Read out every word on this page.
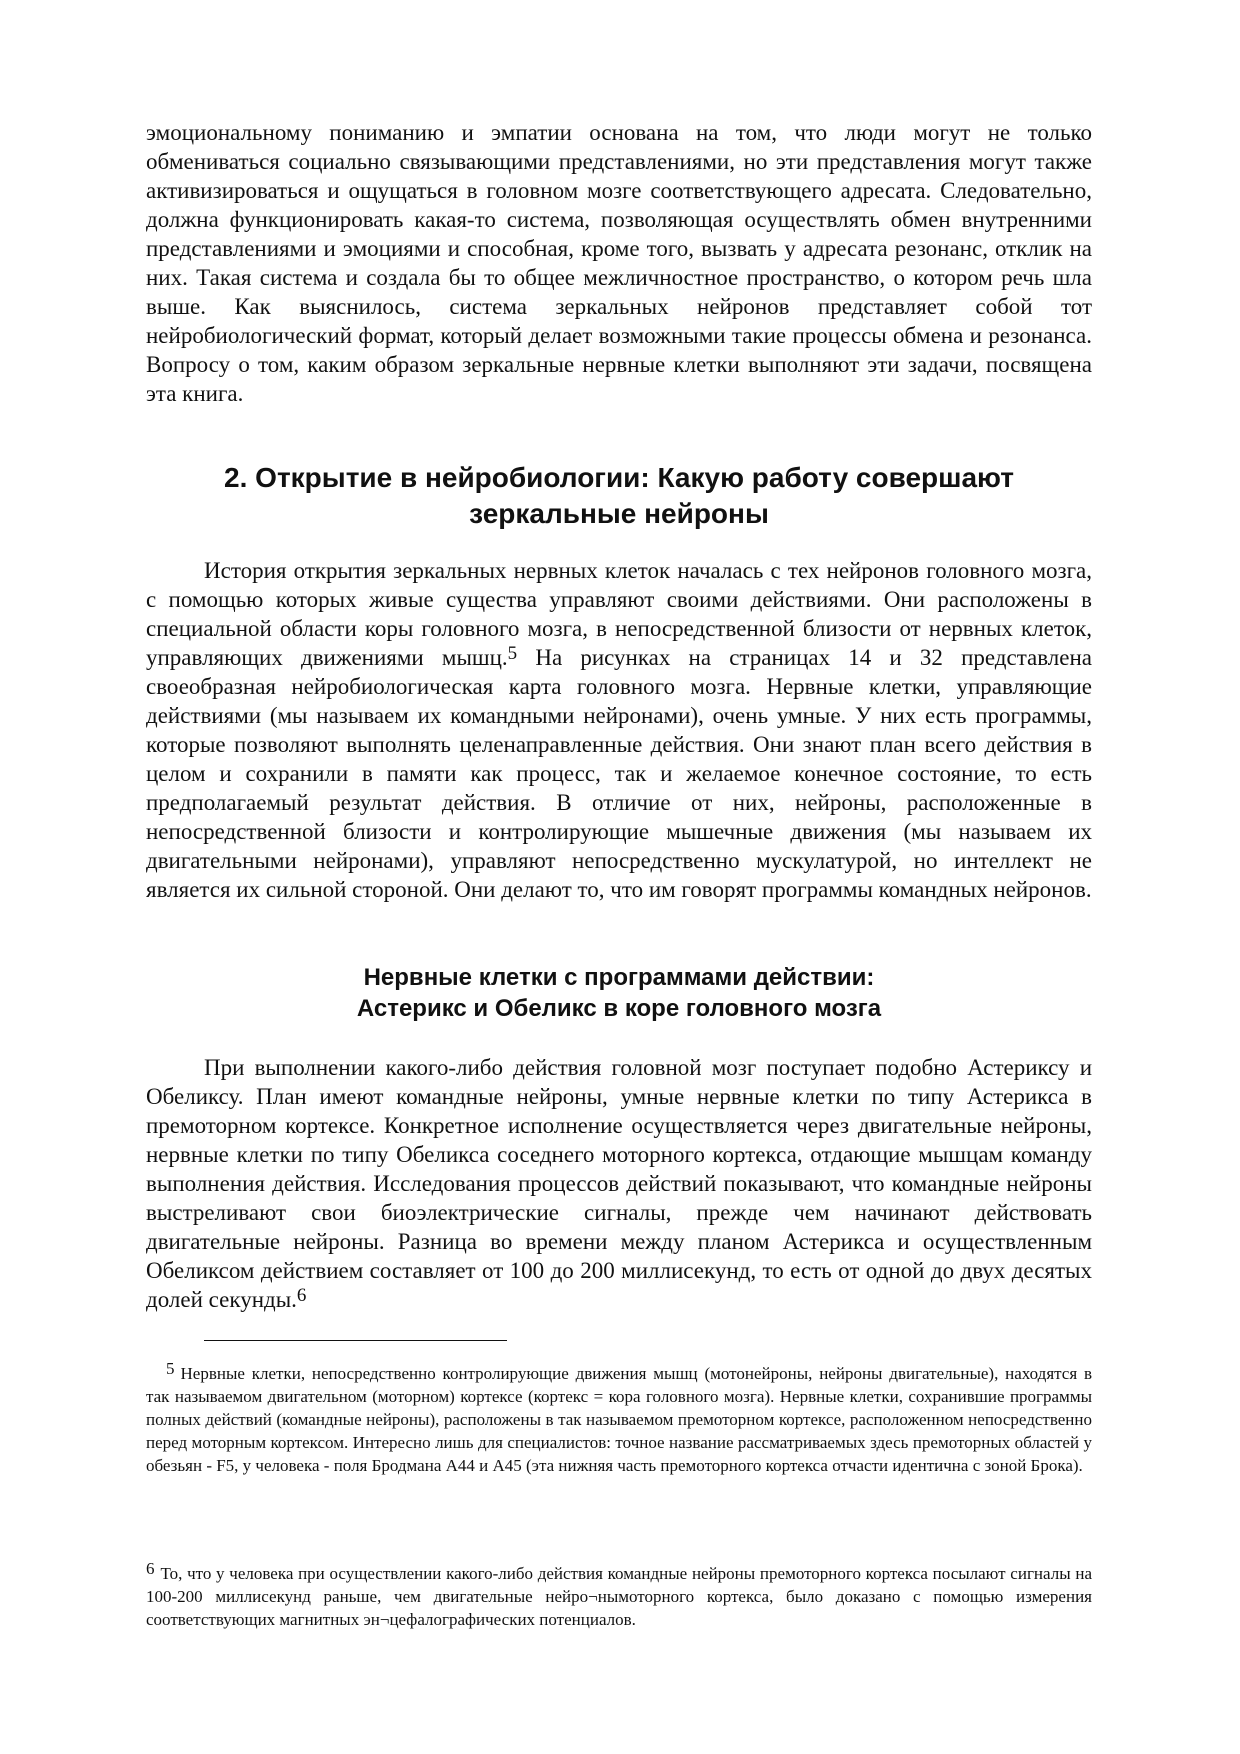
эмоциональному пониманию и эмпатии основана на том, что люди могут не только обмениваться социально связывающими представлениями, но эти представления могут также активизироваться и ощущаться в головном мозге соответствующего адресата. Следовательно, должна функционировать какая-то система, позволяющая осуществлять обмен внутренними представлениями и эмоциями и способная, кроме того, вызвать у адресата резонанс, отклик на них. Такая система и создала бы то общее межличностное пространство, о котором речь шла выше. Как выяснилось, система зеркальных нейронов представляет собой тот нейробиологический формат, который делает возможными такие процессы обмена и резонанса. Вопросу о том, каким образом зеркальные нервные клетки выполняют эти задачи, посвящена эта книга.

2. Открытие в нейробиологии: Какую работу совершают
зеркальные нейроны

История открытия зеркальных нервных клеток началась с тех нейронов головного мозга, с помощью которых живые существа управляют своими действиями. Они расположены в специальной области коры головного мозга, в непосредственной близости от нервных клеток, управляющих движениями мышц.$^5$ На рисунках на страницах 14 и 32 представлена своеобразная нейробиологическая карта головного мозга. Нервные клетки, управляющие действиями (мы называем их командными нейронами), очень умные. У них есть программы, которые позволяют выполнять целенаправленные действия. Они знают план всего действия в целом и сохранили в памяти как процесс, так и желаемое конечное состояние, то есть предполагаемый результат действия. В отличие от них, нейроны, расположенные в непосредственной близости и контролирующие мышечные движения (мы называем их двигательными нейронами), управляют непосредственно мускулатурой, но интеллект не является их сильной стороной. Они делают то, что им говорят программы командных нейронов.

Нервные клетки с программами действии:
Астерикс и Обеликс в коре головного мозга

При выполнении какого-либо действия головной мозг поступает подобно Астериксу и Обеликсу. План имеют командные нейроны, умные нервные клетки по типу Астерикса в премоторном кортексе. Конкретное исполнение осуществляется через двигательные нейроны, нервные клетки по типу Обеликса соседнего моторного кортекса, отдающие мышцам команду выполнения действия. Исследования процессов действий показывают, что командные нейроны выстреливают свои биоэлектрические сигналы, прежде чем начинают действовать двигательные нейроны. Разница во времени между планом Астерикса и осуществленным Обеликсом действием составляет от 100 до 200 миллисекунд, то есть от одной до двух десятых долей секунды.$^6$

5 Нервные клетки, непосредственно контролирующие движения мышц (мотонейроны, нейроны двигательные), находятся в так называемом двигательном (моторном) кортексе (кортекс = кора головного мозга). Нервные клетки, сохранившие программы полных действий (командные нейроны), расположены в так называемом премоторном кортексе, расположенном непосредственно перед моторным кортексом. Интересно лишь для специалистов: точное название рассматриваемых здесь премоторных областей у обезьян - F5, у человека - поля Бродмана А44 и А45 (эта нижняя часть премоторного кортекса отчасти идентична с зоной Брока).

6 То, что у человека при осуществлении какого-либо действия командные нейроны премоторного кортекса посылают сигналы на 100-200 миллисекунд раньше, чем двигательные нейро¬нымоторного кортекса, было доказано с помощью измерения соответствующих магнитных эн¬цефалографических потенциалов.
